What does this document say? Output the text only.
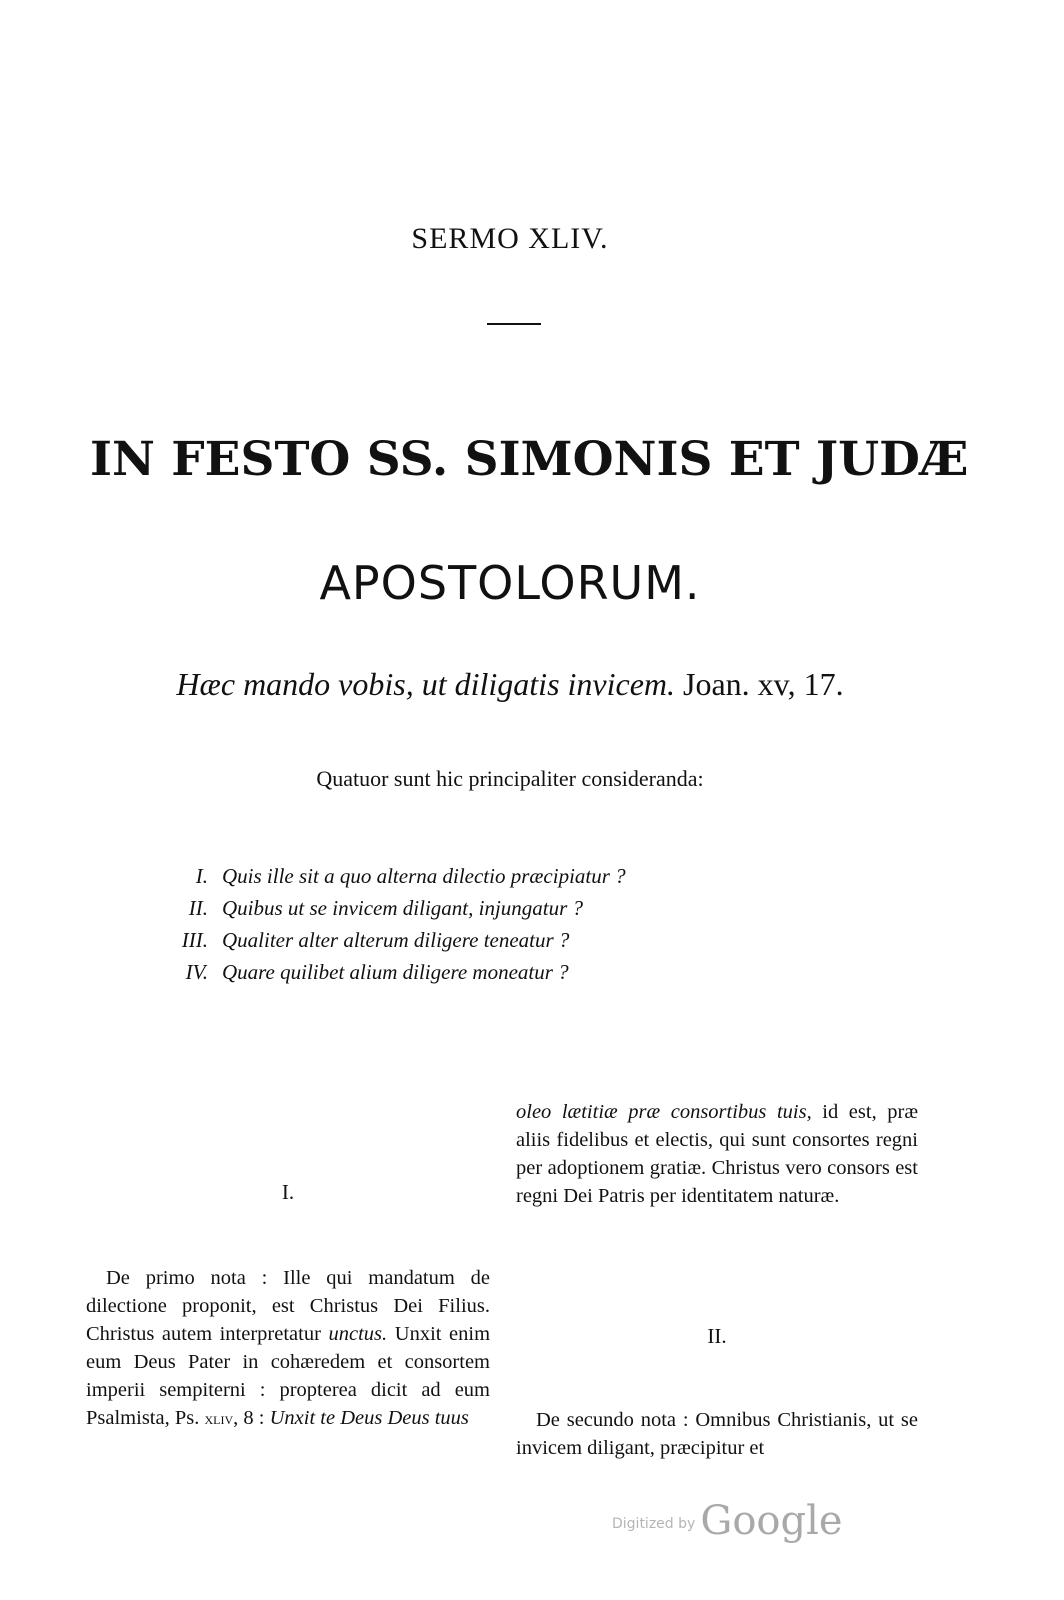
SERMO XLIV.
IN FESTO SS. SIMONIS ET JUDÆ
APOSTOLORUM.
Hæc mando vobis, ut diligatis invicem. Joan. xv, 17.
Quatuor sunt hic principaliter consideranda:
I. Quis ille sit a quo alterna dilectio præcipiatur ?
II. Quibus ut se invicem diligant, injungatur ?
III. Qualiter alter alterum diligere teneatur ?
IV. Quare quilibet alium diligere moneatur ?
I.

De primo nota : Ille qui mandatum de dilectione proponit, est Christus Dei Filius. Christus autem interpretatur unctus. Unxit enim eum Deus Pater in cohæredem et consortem imperii sempiterni : propterea dicit ad eum Psalmista, Ps. xliv, 8 : Unxit te Deus Deus tuus

oleo lætitiæ præ consortibus tuis, id est, præ aliis fidelibus et electis, qui sunt consortes regni per adoptionem gratiæ. Christus vero consors est regni Dei Patris per identitatem naturæ.

II.

De secundo nota : Omnibus Christianis, ut se invicem diligant, præcipitur et

Digitized by Google
